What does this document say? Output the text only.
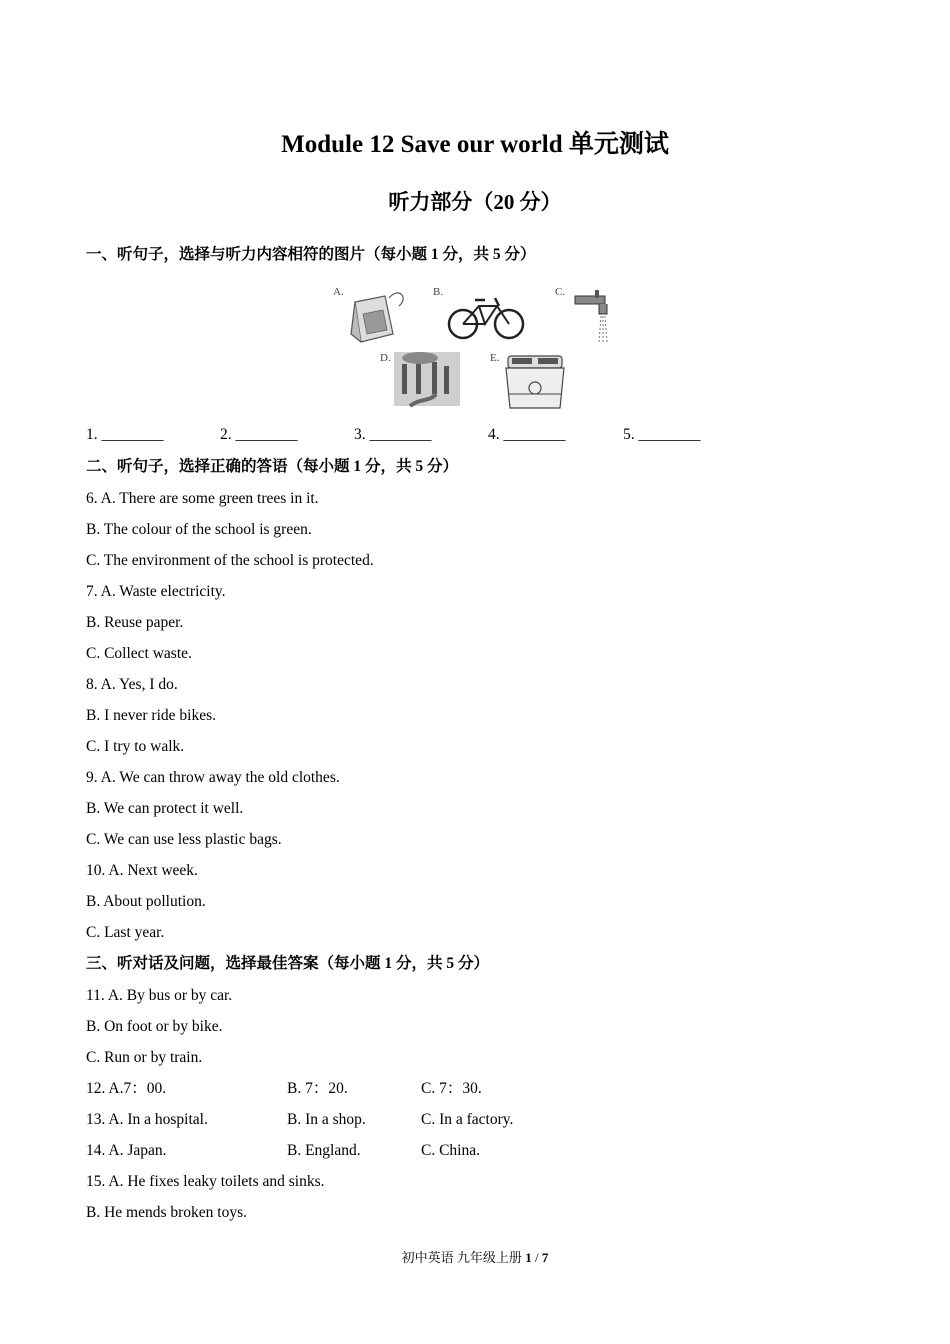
Module 12 Save our world 单元测试
听力部分（20 分）
一、听句子，选择与听力内容相符的图片（每小题 1 分，共 5 分）
A.	B.	C.
D.	E.
1. ________	2. ________	3. ________	4. ________	5. ________
二、听句子，选择正确的答语（每小题 1 分，共 5 分）
6. A. There are some green trees in it.
B. The colour of the school is green.
C. The environment of the school is protected.
7. A. Waste electricity.
B. Reuse paper.
C. Collect waste.
8. A. Yes, I do.
B. I never ride bikes.
C. I try to walk.
9. A. We can throw away the old clothes.
B. We can protect it well.
C. We can use less plastic bags.
10. A. Next week.
B. About pollution.
C. Last year.
三、听对话及问题，选择最佳答案（每小题 1 分，共 5 分）
11. A. By bus or by car.
B. On foot or by bike.
C. Run or by train.
12. A.7：00.	B. 7：20.	C. 7：30.
13. A. In a hospital.	B. In a shop.	C. In a factory.
14. A. Japan.	B. England.	C. China.
15. A. He fixes leaky toilets and sinks.
B. He mends broken toys.
初中英语 九年级上册 1 / 7
